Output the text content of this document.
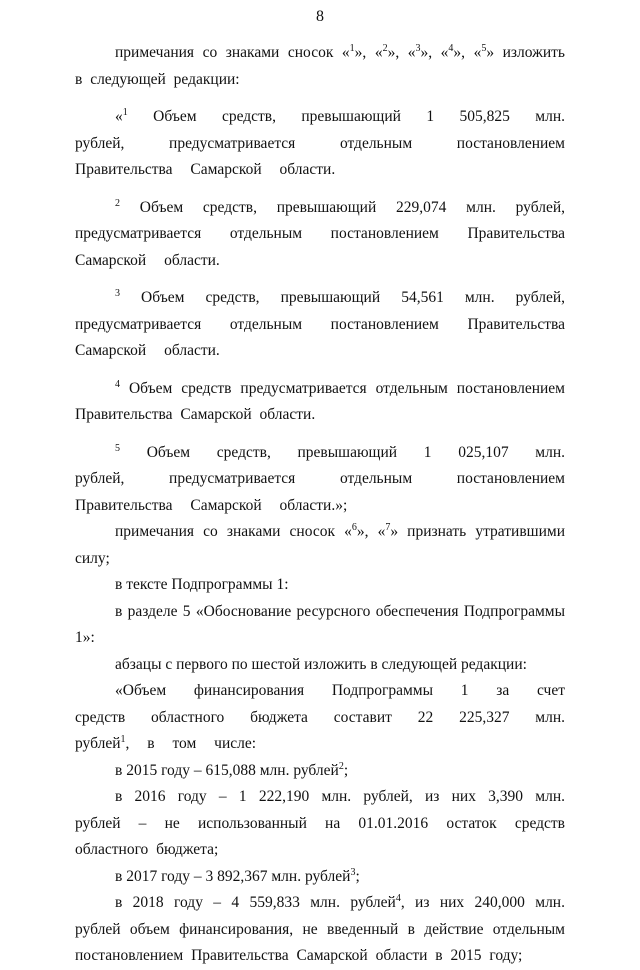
8

примечания со знаками сносок «$^1$», «$^2$», «$^3$», «$^4$», «$^5$» изложить в следующей редакции:

«$^1$ Объем средств, превышающий 1 505,825 млн. рублей, предусматривается отдельным постановлением Правительства Самарской области.

$^2$ Объем средств, превышающий 229,074 млн. рублей, предусматривается отдельным постановлением Правительства Самарской области.

$^3$ Объем средств, превышающий 54,561 млн. рублей, предусматривается отдельным постановлением Правительства Самарской области.

$^4$ Объем средств предусматривается отдельным постановлением Правительства Самарской области.

$^5$ Объем средств, превышающий 1 025,107 млн. рублей, предусматривается отдельным постановлением Правительства Самарской области.»;

примечания со знаками сносок «$^6$», «$^7$» признать утратившими силу;

в тексте Подпрограммы 1:

в разделе 5 «Обоснование ресурсного обеспечения Подпрограммы 1»:

абзацы с первого по шестой изложить в следующей редакции:

«Объем финансирования Подпрограммы 1 за счет средств областного бюджета составит 22 225,327 млн. рублей$^1$, в том числе:

в 2015 году – 615,088 млн. рублей$^2$;

в 2016 году – 1 222,190 млн. рублей, из них 3,390 млн. рублей – не использованный на 01.01.2016 остаток средств областного бюджета;

в 2017 году – 3 892,367 млн. рублей$^3$;

в 2018 году – 4 559,833 млн. рублей$^4$, из них 240,000 млн. рублей объем финансирования, не введенный в действие отдельным постановлением Правительства Самарской области в 2015 году;
